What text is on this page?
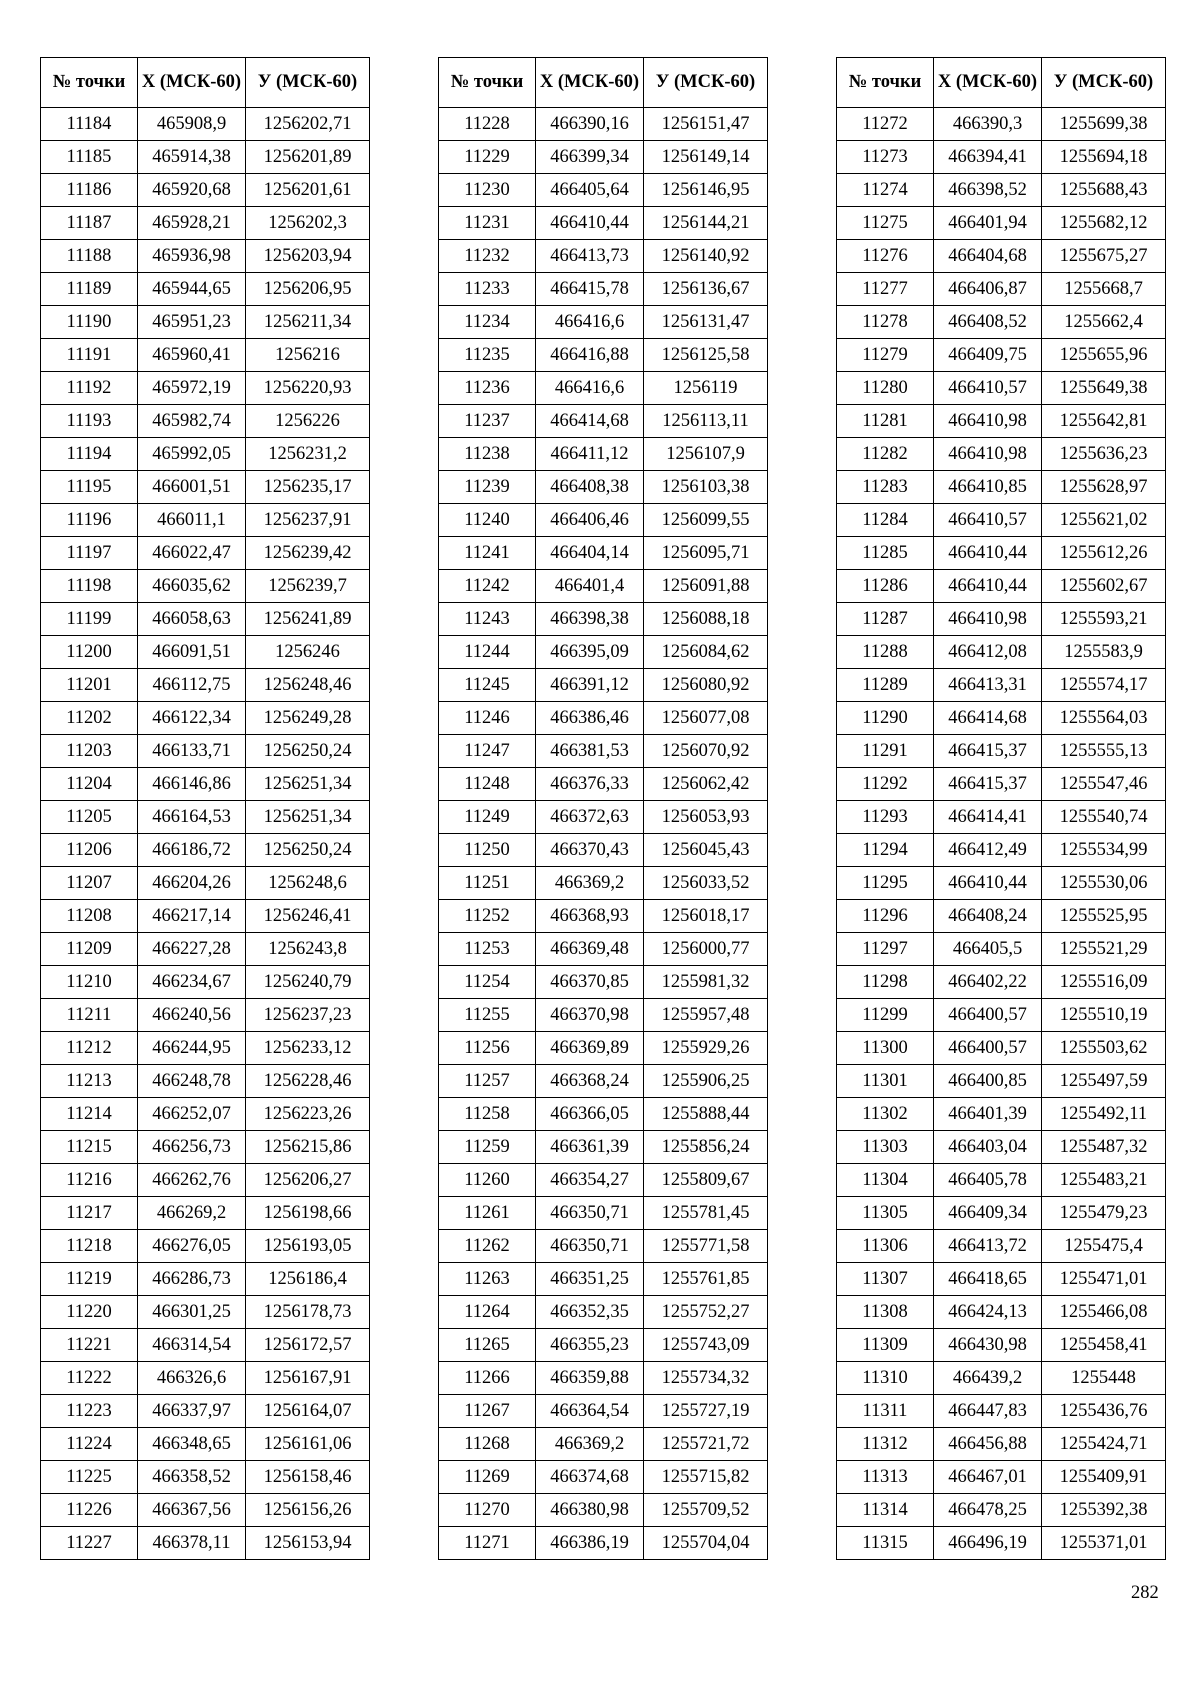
№ точки	Х (МСК-60)	У (МСК-60)
11184	465908,9	1256202,71
11185	465914,38	1256201,89
11186	465920,68	1256201,61
11187	465928,21	1256202,3
11188	465936,98	1256203,94
11189	465944,65	1256206,95
11190	465951,23	1256211,34
11191	465960,41	1256216
11192	465972,19	1256220,93
11193	465982,74	1256226
11194	465992,05	1256231,2
11195	466001,51	1256235,17
11196	466011,1	1256237,91
11197	466022,47	1256239,42
11198	466035,62	1256239,7
11199	466058,63	1256241,89
11200	466091,51	1256246
11201	466112,75	1256248,46
11202	466122,34	1256249,28
11203	466133,71	1256250,24
11204	466146,86	1256251,34
11205	466164,53	1256251,34
11206	466186,72	1256250,24
11207	466204,26	1256248,6
11208	466217,14	1256246,41
11209	466227,28	1256243,8
11210	466234,67	1256240,79
11211	466240,56	1256237,23
11212	466244,95	1256233,12
11213	466248,78	1256228,46
11214	466252,07	1256223,26
11215	466256,73	1256215,86
11216	466262,76	1256206,27
11217	466269,2	1256198,66
11218	466276,05	1256193,05
11219	466286,73	1256186,4
11220	466301,25	1256178,73
11221	466314,54	1256172,57
11222	466326,6	1256167,91
11223	466337,97	1256164,07
11224	466348,65	1256161,06
11225	466358,52	1256158,46
11226	466367,56	1256156,26
11227	466378,11	1256153,94
№ точки	Х (МСК-60)	У (МСК-60)
11228	466390,16	1256151,47
11229	466399,34	1256149,14
11230	466405,64	1256146,95
11231	466410,44	1256144,21
11232	466413,73	1256140,92
11233	466415,78	1256136,67
11234	466416,6	1256131,47
11235	466416,88	1256125,58
11236	466416,6	1256119
11237	466414,68	1256113,11
11238	466411,12	1256107,9
11239	466408,38	1256103,38
11240	466406,46	1256099,55
11241	466404,14	1256095,71
11242	466401,4	1256091,88
11243	466398,38	1256088,18
11244	466395,09	1256084,62
11245	466391,12	1256080,92
11246	466386,46	1256077,08
11247	466381,53	1256070,92
11248	466376,33	1256062,42
11249	466372,63	1256053,93
11250	466370,43	1256045,43
11251	466369,2	1256033,52
11252	466368,93	1256018,17
11253	466369,48	1256000,77
11254	466370,85	1255981,32
11255	466370,98	1255957,48
11256	466369,89	1255929,26
11257	466368,24	1255906,25
11258	466366,05	1255888,44
11259	466361,39	1255856,24
11260	466354,27	1255809,67
11261	466350,71	1255781,45
11262	466350,71	1255771,58
11263	466351,25	1255761,85
11264	466352,35	1255752,27
11265	466355,23	1255743,09
11266	466359,88	1255734,32
11267	466364,54	1255727,19
11268	466369,2	1255721,72
11269	466374,68	1255715,82
11270	466380,98	1255709,52
11271	466386,19	1255704,04
№ точки	Х (МСК-60)	У (МСК-60)
11272	466390,3	1255699,38
11273	466394,41	1255694,18
11274	466398,52	1255688,43
11275	466401,94	1255682,12
11276	466404,68	1255675,27
11277	466406,87	1255668,7
11278	466408,52	1255662,4
11279	466409,75	1255655,96
11280	466410,57	1255649,38
11281	466410,98	1255642,81
11282	466410,98	1255636,23
11283	466410,85	1255628,97
11284	466410,57	1255621,02
11285	466410,44	1255612,26
11286	466410,44	1255602,67
11287	466410,98	1255593,21
11288	466412,08	1255583,9
11289	466413,31	1255574,17
11290	466414,68	1255564,03
11291	466415,37	1255555,13
11292	466415,37	1255547,46
11293	466414,41	1255540,74
11294	466412,49	1255534,99
11295	466410,44	1255530,06
11296	466408,24	1255525,95
11297	466405,5	1255521,29
11298	466402,22	1255516,09
11299	466400,57	1255510,19
11300	466400,57	1255503,62
11301	466400,85	1255497,59
11302	466401,39	1255492,11
11303	466403,04	1255487,32
11304	466405,78	1255483,21
11305	466409,34	1255479,23
11306	466413,72	1255475,4
11307	466418,65	1255471,01
11308	466424,13	1255466,08
11309	466430,98	1255458,41
11310	466439,2	1255448
11311	466447,83	1255436,76
11312	466456,88	1255424,71
11313	466467,01	1255409,91
11314	466478,25	1255392,38
11315	466496,19	1255371,01
282
